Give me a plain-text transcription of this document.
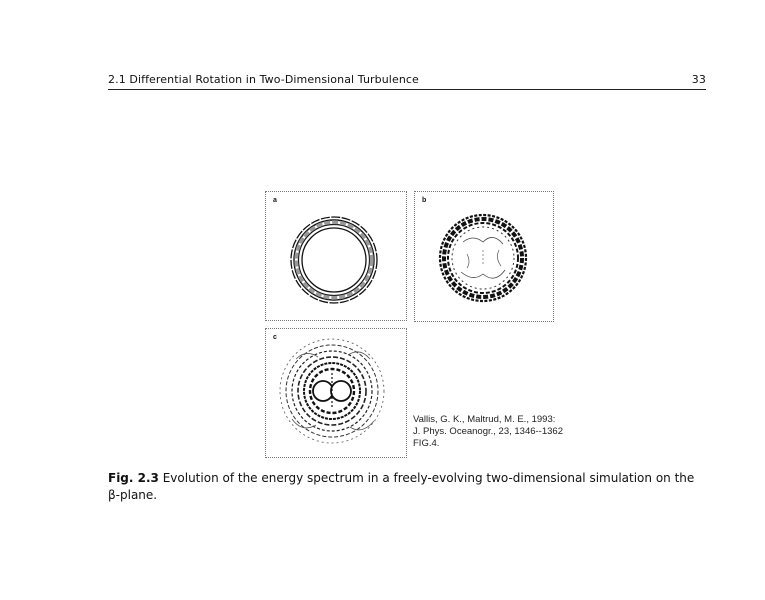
2.1 Differential Rotation in Two-Dimensional Turbulence	33
a	b
c
Vallis, G. K., Maltrud, M. E., 1993:
J. Phys. Oceanogr., 23, 1346--1362
FIG.4.
Fig. 2.3 Evolution of the energy spectrum in a freely-evolving two-dimensional simulation on the β-plane.
